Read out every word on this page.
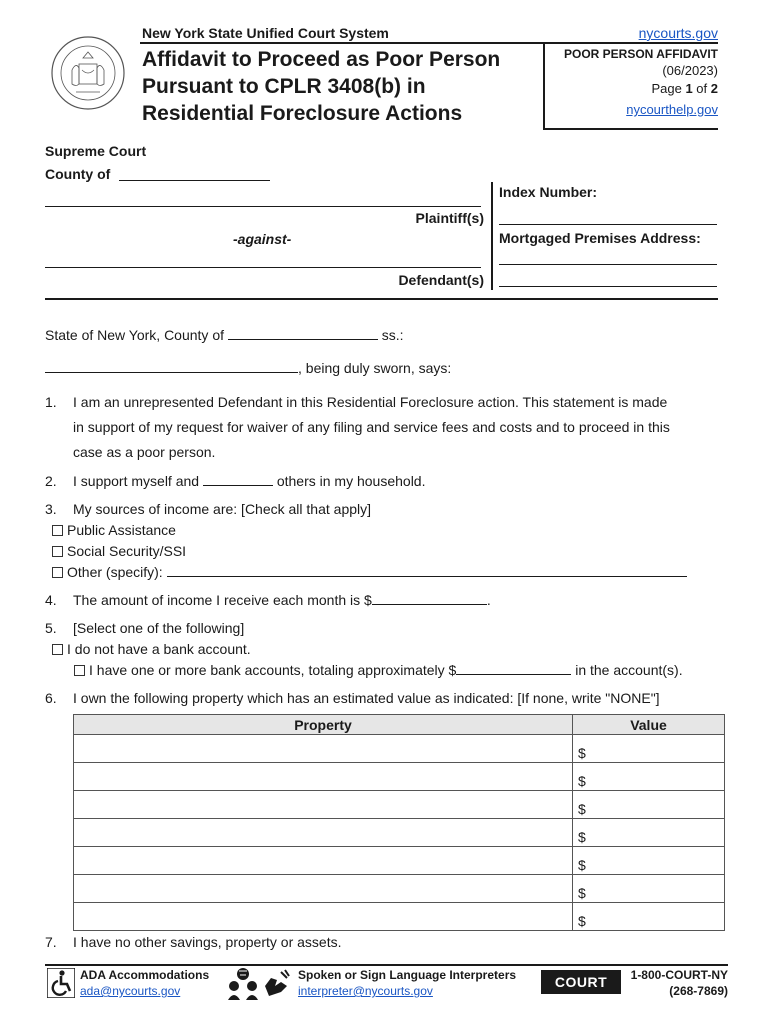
New York State Unified Court System	nycourts.gov
Affidavit to Proceed as Poor Person
Pursuant to CPLR 3408(b) in
Residential Foreclosure Actions
POOR PERSON AFFIDAVIT
(06/2023)
Page 1 of 2
nycourthelp.gov
Supreme Court
County of
Plaintiff(s)
-against-
Defendant(s)
Index Number:
Mortgaged Premises Address:
State of New York, County of	ss.:
, being duly sworn, says:
1. I am an unrepresented Defendant in this Residential Foreclosure action. This statement is made
in support of my request for waiver of any filing and service fees and costs and to proceed in this
case as a poor person.
2. I support myself and	others in my household.
3. My sources of income are: [Check all that apply]
Public Assistance
Social Security/SSI
Other (specify):
4. The amount of income I receive each month is $	.
5. [Select one of the following]
I do not have a bank account.
I have one or more bank accounts, totaling approximately $	in the account(s).
6. I own the following property which has an estimated value as indicated: [If none, write "NONE"]
Property	Value
	$
	$
	$
	$
	$
	$
	$
7. I have no other savings, property or assets.
ADA Accommodations
ada@nycourts.gov
Spoken or Sign Language Interpreters
interpreter@nycourts.gov
COURT Help
1-800-COURT-NY
(268-7869)
